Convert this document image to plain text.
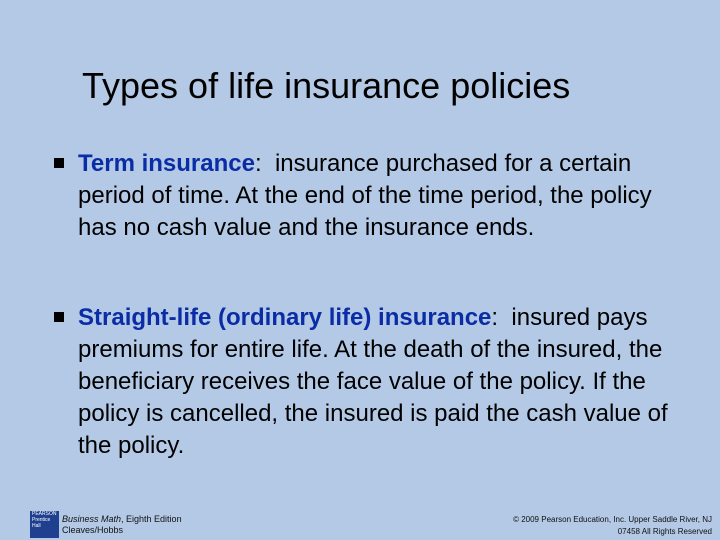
Types of life insurance policies
Term insurance:  insurance purchased for a certain period of time. At the end of the time period, the policy has no cash value and the insurance ends.
Straight-life (ordinary life) insurance:  insured pays premiums for entire life. At the death of the insured, the beneficiary receives the face value of the policy. If the policy is cancelled, the insured is paid the cash value of the policy.
PEARSON
Prentice
Hall
Business Math, Eighth Edition
Cleaves/Hobbs
© 2009 Pearson Education, Inc. Upper Saddle River, NJ
07458 All Rights Reserved
